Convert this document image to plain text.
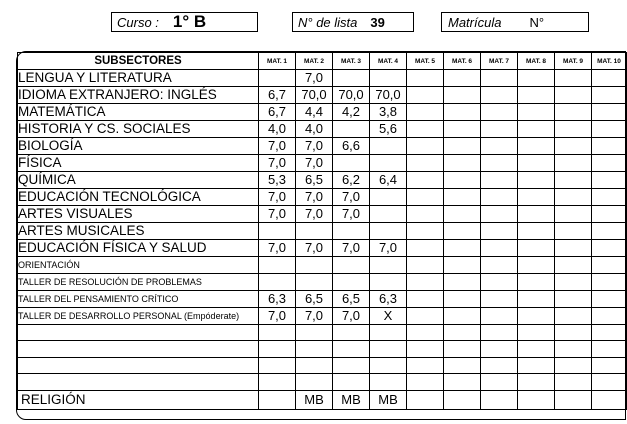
Curso : 1° B	N° de lista 39	Matrícula N°
SUBSECTORES	MAT. 1	MAT. 2	MAT. 3	MAT. 4	MAT. 5	MAT. 6	MAT. 7	MAT. 8	MAT. 9	MAT. 10
LENGUA Y LITERATURA		7,0								
IDIOMA EXTRANJERO: INGLÉS	6,7	70,0	70,0	70,0						
MATEMÁTICA	6,7	4,4	4,2	3,8						
HISTORIA Y CS. SOCIALES	4,0	4,0		5,6						
BIOLOGÍA	7,0	7,0	6,6							
FÍSICA	7,0	7,0								
QUÍMICA	5,3	6,5	6,2	6,4						
EDUCACIÓN TECNOLÓGICA	7,0	7,0	7,0							
ARTES VISUALES	7,0	7,0	7,0							
ARTES MUSICALES										
EDUCACIÓN FÍSICA Y SALUD	7,0	7,0	7,0	7,0						
ORIENTACIÓN										
TALLER DE RESOLUCIÓN DE PROBLEMAS										
TALLER DEL PENSAMIENTO CRÍTICO	6,3	6,5	6,5	6,3						
TALLER DE DESARROLLO PERSONAL (Empóderate)	7,0	7,0	7,0	X						

RELIGIÓN		MB	MB	MB						
